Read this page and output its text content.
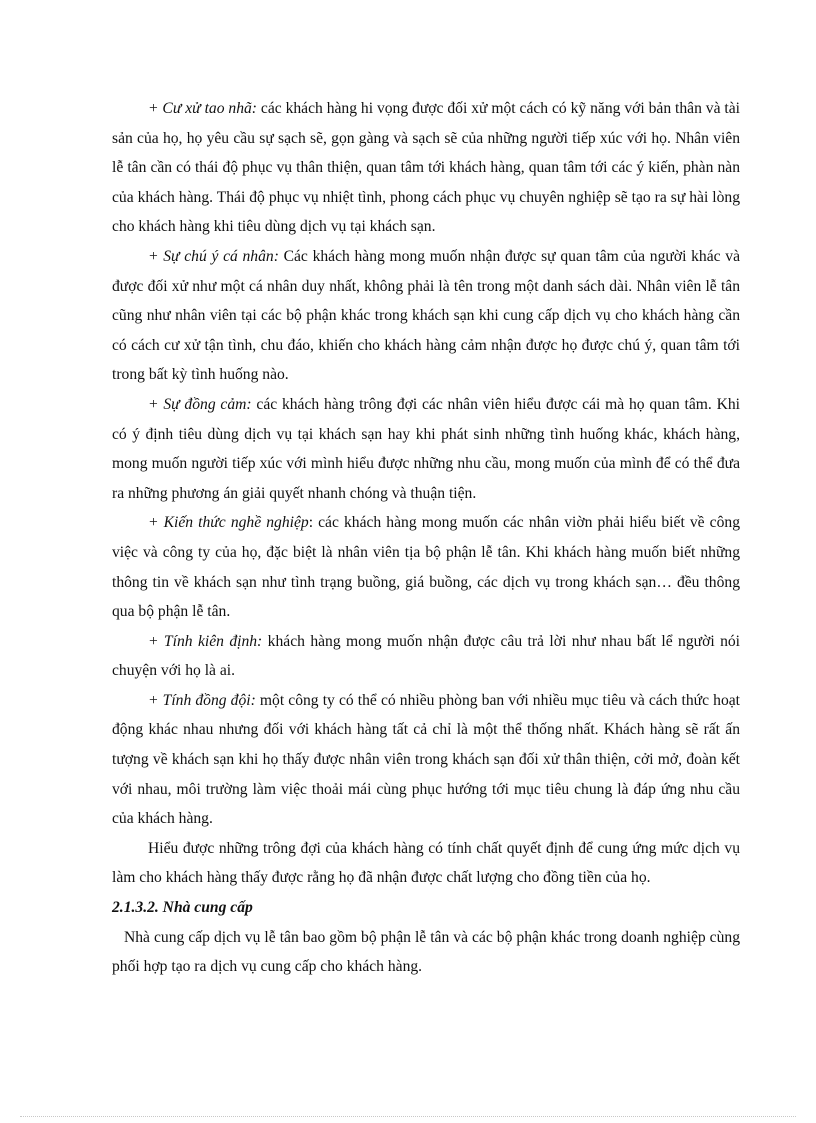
+ Cư xử tao nhã: các khách hàng hi vọng được đối xử một cách có kỹ năng với bản thân và tài sản của họ, họ yêu cầu sự sạch sẽ, gọn gàng và sạch sẽ của những người tiếp xúc với họ. Nhân viên lễ tân cần có thái độ phục vụ thân thiện, quan tâm tới khách hàng, quan tâm tới các ý kiến, phàn nàn của khách hàng. Thái độ phục vụ nhiệt tình, phong cách phục vụ chuyên nghiệp sẽ tạo ra sự hài lòng cho khách hàng khi tiêu dùng dịch vụ tại khách sạn.

+ Sự chú ý cá nhân: Các khách hàng mong muốn nhận được sự quan tâm của người khác và được đối xử như một cá nhân duy nhất, không phải là tên trong một danh sách dài. Nhân viên lễ tân cũng như nhân viên tại các bộ phận khác trong khách sạn khi cung cấp dịch vụ cho khách hàng cần có cách cư xử tận tình, chu đáo, khiến cho khách hàng cảm nhận được họ được chú ý, quan tâm tới trong bất kỳ tình huống nào.

+ Sự đồng cảm: các khách hàng trông đợi các nhân viên hiểu được cái mà họ quan tâm. Khi có ý định tiêu dùng dịch vụ tại khách sạn hay khi phát sinh những tình huống khác, khách hàng, mong muốn người tiếp xúc với mình hiểu được những nhu cầu, mong muốn của mình để có thể đưa ra những phương án giải quyết nhanh chóng và thuận tiện.

+ Kiến thức nghề nghiệp: các khách hàng mong muốn các nhân viờn phải hiểu biết về công việc và công ty của họ, đặc biệt là nhân viên tịa bộ phận lễ tân. Khi khách hàng muốn biết những thông tin về khách sạn như tình trạng buồng, giá buồng, các dịch vụ trong khách sạn… đều thông qua bộ phận lễ tân.

+ Tính kiên định: khách hàng mong muốn nhận được câu trả lời như nhau bất lể người nói chuyện với họ là ai.

+ Tính đồng đội: một công ty có thể có nhiều phòng ban với nhiều mục tiêu và cách thức hoạt động khác nhau nhưng đối với khách hàng tất cả chỉ là một thể thống nhất. Khách hàng sẽ rất ấn tượng về khách sạn khi họ thấy được nhân viên trong khách sạn đối xử thân thiện, cởi mở, đoàn kết với nhau, môi trường làm việc thoải mái cùng phục hướng tới mục tiêu chung là đáp ứng nhu cầu của khách hàng.

Hiểu được những trông đợi của khách hàng có tính chất quyết định để cung ứng mức dịch vụ làm cho khách hàng thấy được rằng họ đã nhận được chất lượng cho đồng tiền của họ.

2.1.3.2. Nhà cung cấp

Nhà cung cấp dịch vụ lễ tân bao gồm bộ phận lễ tân và các bộ phận khác trong doanh nghiệp cùng phối hợp tạo ra dịch vụ cung cấp cho khách hàng.
